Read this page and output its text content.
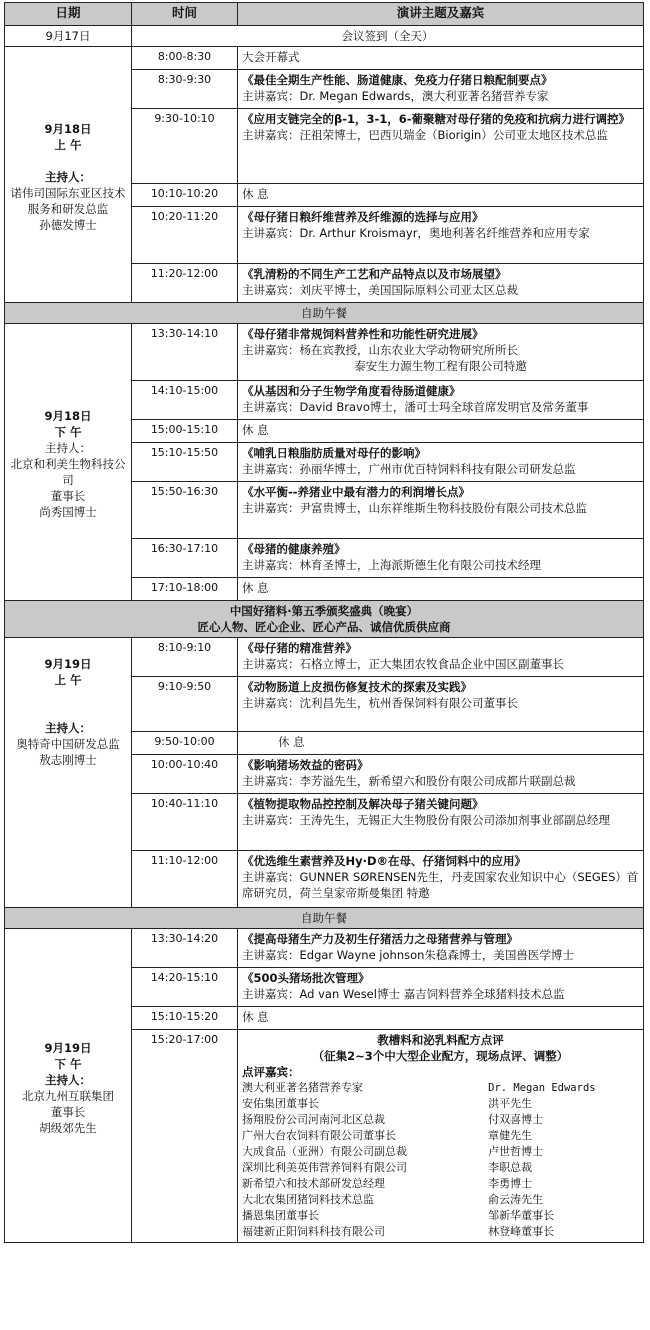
日期	时间	演讲主题及嘉宾
9月17日	会议签到（全天）

9月18日
上 午

主持人：
诺伟司国际东亚区技术服务和研发总监
孙德发博士
	8:00-8:30	大会开幕式
8:30-9:30	《最佳全期生产性能、肠道健康、免疫力仔猪日粮配制要点》
主讲嘉宾：Dr. Megan Edwards，澳大利亚著名猪营养专家

9:30-10:10	《应用支链完全的β-1，3-1，6-葡聚糖对母仔猪的免疫和抗病力进行调控》
主讲嘉宾：汪祖荣博士，巴西贝瑞金（Biorigin）公司亚太地区技术总监

10:10-10:20	休 息
10:20-11:20	《母仔猪日粮纤维营养及纤维源的选择与应用》
主讲嘉宾：Dr. Arthur Kroismayr，奥地利著名纤维营养和应用专家

11:20-12:00	《乳清粉的不同生产工艺和产品特点以及市场展望》
主讲嘉宾：刘庆平博士，美国国际原料公司亚太区总裁

自助午餐

9月18日
下 午
主持人：
北京和利美生物科技公司
董事长
尚秀国博士
	13:30-14:10	《母仔猪非常规饲料营养性和功能性研究进展》
主讲嘉宾：杨在宾教授，山东农业大学动物研究所所长
泰安生力源生物工程有限公司特邀

14:10-15:00	《从基因和分子生物学角度看待肠道健康》
主讲嘉宾：David Bravo博士，潘可士玛全球首席发明官及常务董事

15:00-15:10	休 息
15:10-15:50	《哺乳日粮脂肪质量对母仔的影响》
主讲嘉宾：孙丽华博士，广州市优百特饲料科技有限公司研发总监

15:50-16:30	《水平衡--养猪业中最有潜力的利润增长点》
主讲嘉宾：尹富贵博士，山东祥维斯生物科技股份有限公司技术总监

16:30-17:10	《母猪的健康养殖》
主讲嘉宾：林育圣博士，上海派斯德生化有限公司技术经理

17:10-18:00	休 息

中国好猪料·第五季颁奖盛典（晚宴）
匠心人物、匠心企业、匠心产品、诚信优质供应商

9月19日
上 午

主持人：
奥特奇中国研发总监
敖志刚博士
	8:10-9:10	《母仔猪的精准营养》
主讲嘉宾：石格立博士，正大集团农牧食品企业中国区副董事长

9:10-9:50	《动物肠道上皮损伤修复技术的探索及实践》
主讲嘉宾：沈利昌先生，杭州香保饲料有限公司董事长

9:50-10:00	休 息
10:00-10:40	《影响猪场效益的密码》
主讲嘉宾：李芳溢先生，新希望六和股份有限公司成都片联副总裁

10:40-11:10	《植物提取物品控控制及解决母子猪关键问题》
主讲嘉宾：王涛先生，无锡正大生物股份有限公司添加剂事业部副总经理

11:10-12:00	《优选维生素营养及Hy·D®在母、仔猪饲料中的应用》
主讲嘉宾：GUNNER SØRENSEN先生，丹麦国家农业知识中心（SEGES）首席研究员，荷兰皇家帝斯曼集团 特邀

自助午餐

9月19日
下 午
主持人：
北京九州互联集团
董事长
胡级郊先生
	13:30-14:20	《提高母猪生产力及初生仔猪活力之母猪营养与管理》
主讲嘉宾：Edgar Wayne johnson朱稳森博士，美国兽医学博士

14:20-15:10	《500头猪场批次管理》
主讲嘉宾：Ad van Wesel博士 嘉吉饲料营养全球猪料技术总监

15:10-15:20	休 息
15:20-17:00	教槽料和泌乳料配方点评
（征集2~3个中大型企业配方，现场点评、调整）
点评嘉宾：
澳大利亚著名猪营养专家	Dr. Megan Edwards
安佑集团董事长	洪平先生
扬翔股份公司河南河北区总裁	付双喜博士
广州大台农饲料有限公司董事长	章健先生
大成食品（亚洲）有限公司副总裁	卢世哲博士
深圳比利美英伟营养饲料有限公司	李职总裁
新希望六和技术部研发总经理	李勇博士
大北农集团猪饲料技术总监	俞云涛先生
播恩集团董事长	邹新华董事长
福建新正阳饲料科技有限公司	林登峰董事长
